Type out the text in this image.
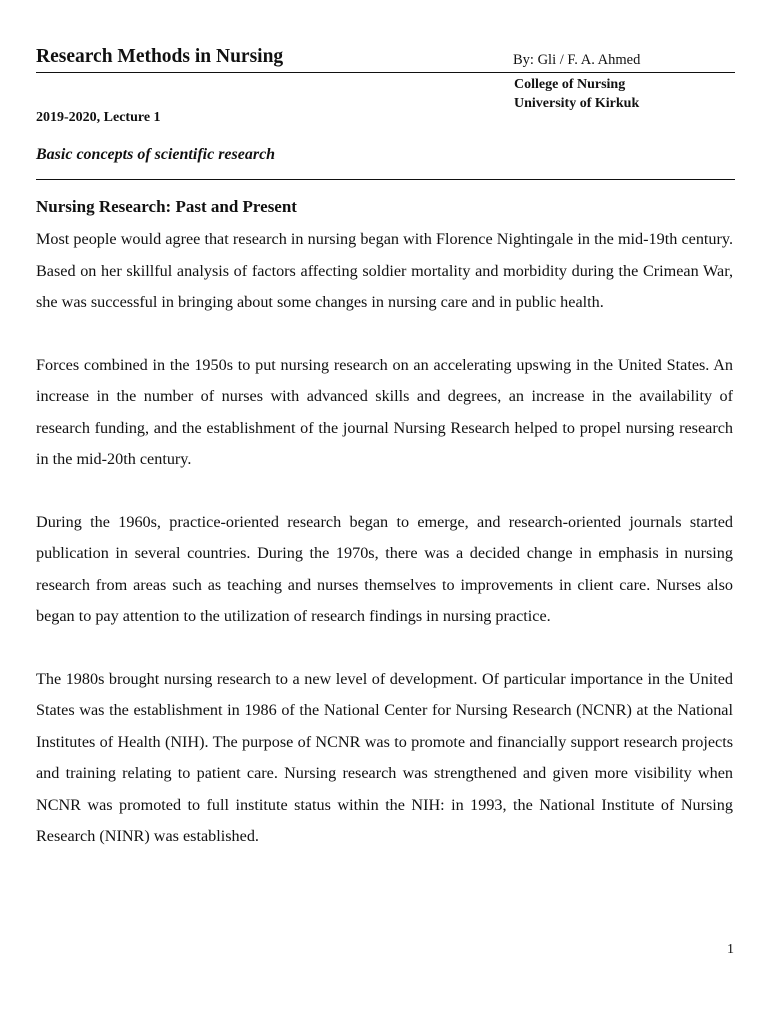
Research Methods in Nursing	By: Gli / F. A. Ahmed
College of Nursing
University of Kirkuk
2019-2020, Lecture 1
Basic concepts of scientific research
Nursing Research: Past and Present

Most people would agree that research in nursing began with Florence Nightingale in the mid-19th century. Based on her skillful analysis of factors affecting soldier mortality and morbidity during the Crimean War, she was successful in bringing about some changes in nursing care and in public health.

Forces combined in the 1950s to put nursing research on an accelerating upswing in the United States. An increase in the number of nurses with advanced skills and degrees, an increase in the availability of research funding, and the establishment of the journal Nursing Research helped to propel nursing research in the mid-20th century.

During the 1960s, practice-oriented research began to emerge, and research-oriented journals started publication in several countries. During the 1970s, there was a decided change in emphasis in nursing research from areas such as teaching and nurses themselves to improvements in client care. Nurses also began to pay attention to the utilization of research findings in nursing practice.

The 1980s brought nursing research to a new level of development. Of particular importance in the United States was the establishment in 1986 of the National Center for Nursing Research (NCNR) at the National Institutes of Health (NIH). The purpose of NCNR was to promote and financially support research projects and training relating to patient care. Nursing research was strengthened and given more visibility when NCNR was promoted to full institute status within the NIH: in 1993, the National Institute of Nursing Research (NINR) was established.

1
